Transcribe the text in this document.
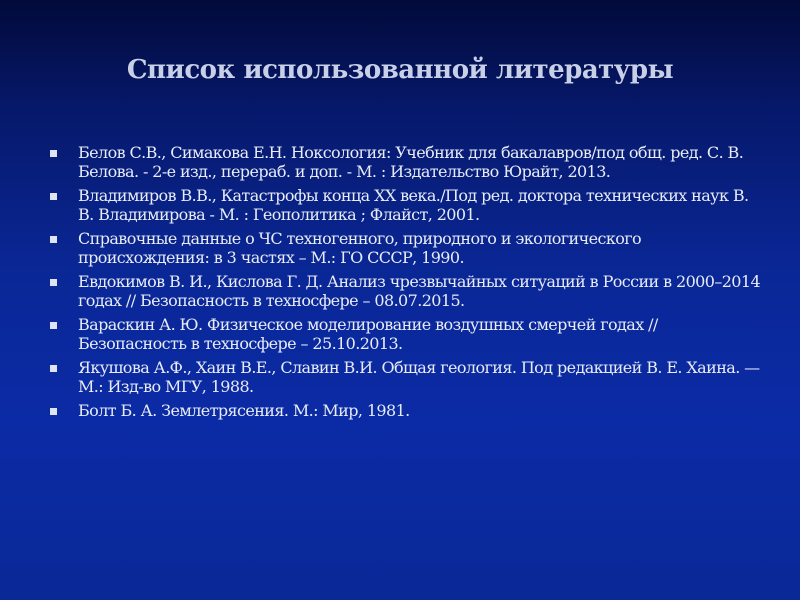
Список использованной литературы
Белов С.В., Симакова Е.Н. Ноксология: Учебник для бакалавров/под общ. ред. С. В. Белова. - 2-е изд., перераб. и доп. - М. : Издательство Юрайт, 2013.
Владимиров В.В., Катастрофы конца XX века./Под ред. доктора технических наук В. В. Владимирова - М. : Геополитика ; Флайст, 2001.
Справочные данные о ЧС техногенного, природного и экологического происхождения: в 3 частях – М.: ГО СССР, 1990.
Евдокимов В. И., Кислова Г. Д. Анализ чрезвычайных ситуаций в России в 2000–2014 годах // Безопасность в техносфере – 08.07.2015.
Вараскин А. Ю. Физическое моделирование воздушных смерчей годах // Безопасность в техносфере – 25.10.2013.
Якушова А.Ф., Хаин В.Е., Славин В.И. Общая геология. Под редакцией В. Е. Хаина. — М.: Изд-во МГУ, 1988.
Болт Б. А. Землетрясения. М.: Мир, 1981.
